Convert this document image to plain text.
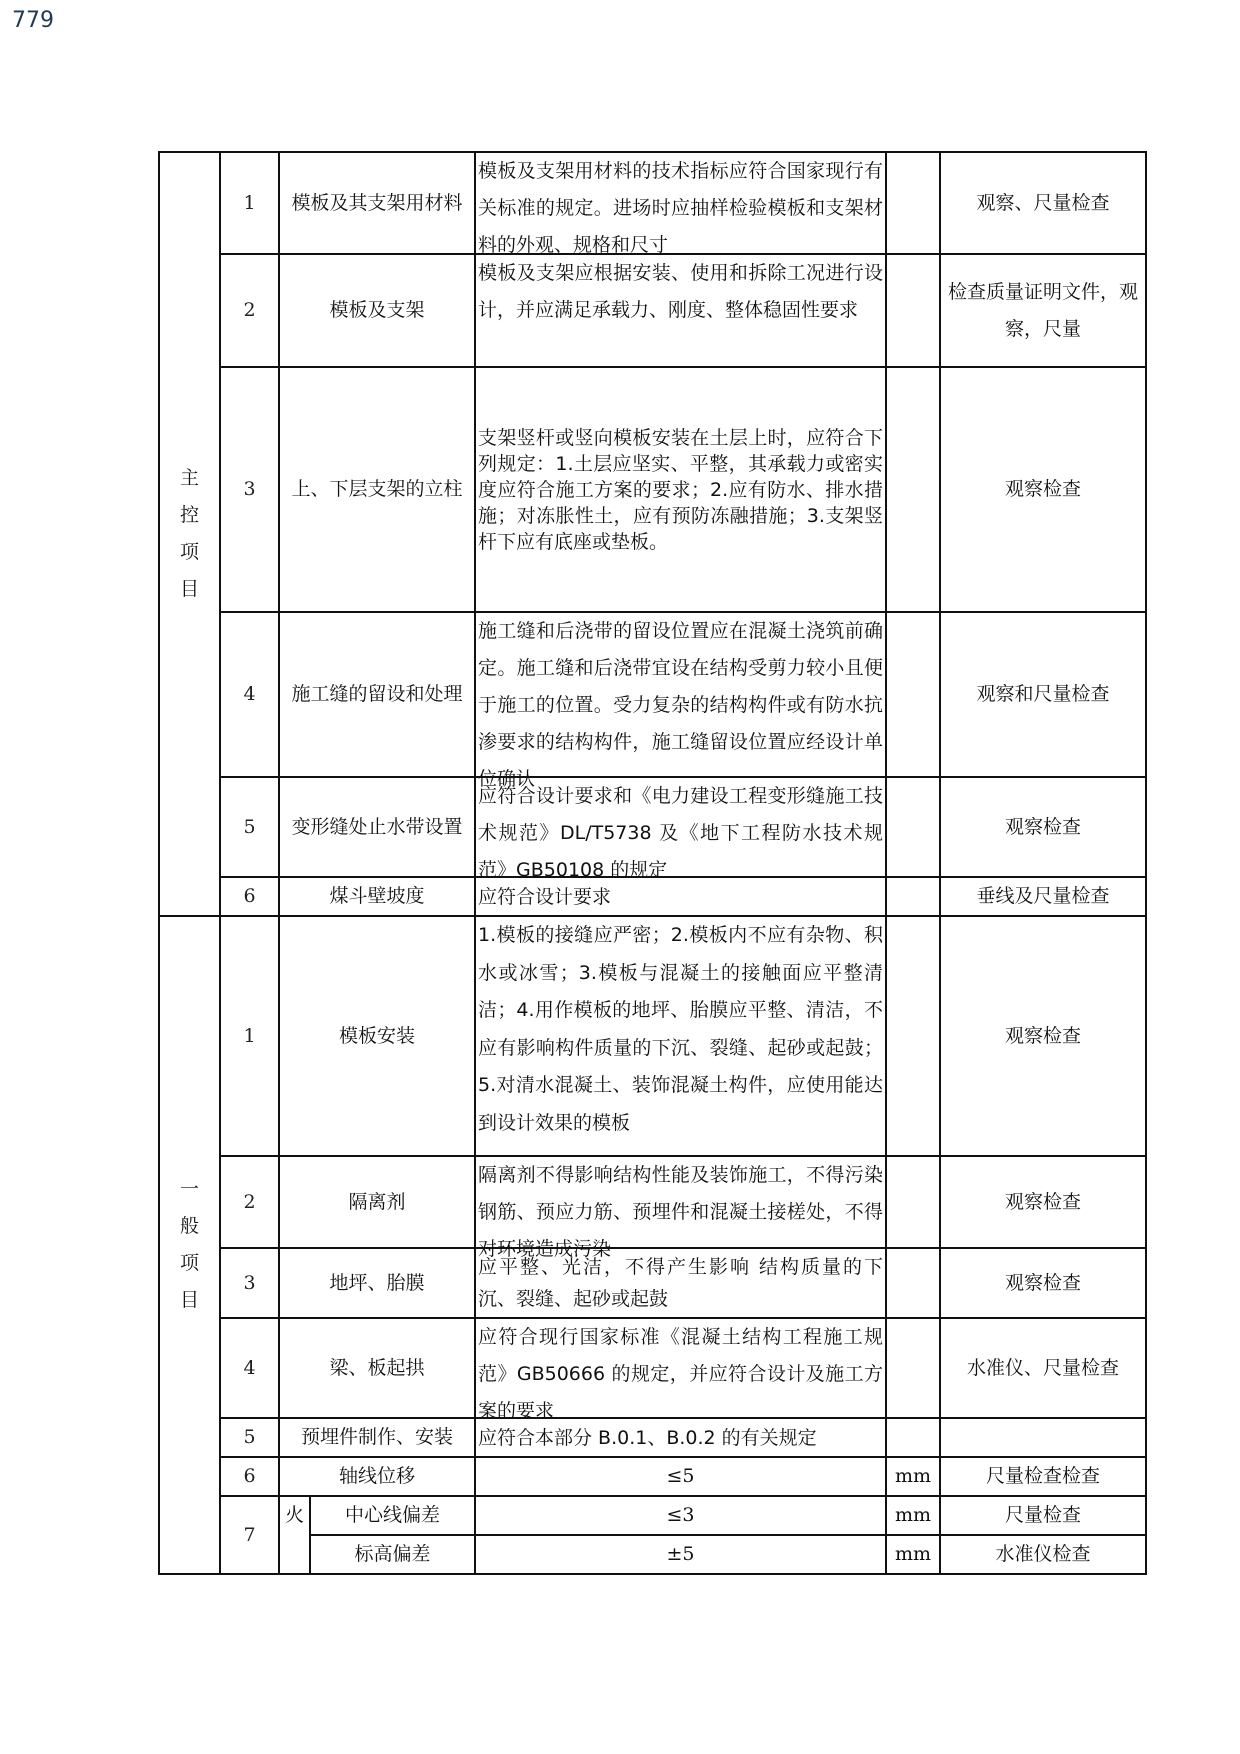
779
主
控
项
目	1	模板及其支架用材料		模板及支架用材料的技术指标应符合国家现行有关标准的规定。进场时应抽样检验模板和支架材料的外观、规格和尺寸		观察、尺量检查
	2	模板及支架		模板及支架应根据安装、使用和拆除工况进行设计，并应满足承载力、刚度、整体稳固性要求		检查质量证明文件，观察，尺量
	3	上、下层支架的立柱		支架竖杆或竖向模板安装在土层上时，应符合下列规定：1.土层应坚实、平整，其承载力或密实度应符合施工方案的要求；2.应有防水、排水措施；对冻胀性土，应有预防冻融措施；3.支架竖杆下应有底座或垫板。		观察检查
	4	施工缝的留设和处理		施工缝和后浇带的留设位置应在混凝土浇筑前确定。施工缝和后浇带宜设在结构受剪力较小且便于施工的位置。受力复杂的结构构件或有防水抗渗要求的结构构件，施工缝留设位置应经设计单位确认		观察和尺量检查
	5	变形缝处止水带设置		应符合设计要求和《电力建设工程变形缝施工技术规范》DL/T5738 及《地下工程防水技术规范》GB50108 的规定		观察检查
	6	煤斗壁坡度		应符合设计要求		垂线及尺量检查

一
般
项
目	1	模板安装		1.模板的接缝应严密；2.模板内不应有杂物、积水或冰雪；3.模板与混凝土的接触面应平整清洁；4.用作模板的地坪、胎膜应平整、清洁，不应有影响构件质量的下沉、裂缝、起砂或起鼓；5.对清水混凝土、装饰混凝土构件，应使用能达到设计效果的模板		观察检查
	2	隔离剂		隔离剂不得影响结构性能及装饰施工，不得污染钢筋、预应力筋、预埋件和混凝土接槎处，不得对环境造成污染		观察检查
	3	地坪、胎膜		应平整、光洁，不得产生影响 结构质量的下沉、裂缝、起砂或起鼓		观察检查
	4	梁、板起拱		应符合现行国家标准《混凝土结构工程施工规范》GB50666 的规定，并应符合设计及施工方案的要求		水准仪、尺量检查
	5	预埋件制作、安装		应符合本部分 B.0.1、B.0.2 的有关规定		

	6	轴线位移		≤5	mm	尺量检查检查
	7	火	中心线偏差	≤3	mm	尺量检查
			标高偏差	±5	mm	水准仪检查
